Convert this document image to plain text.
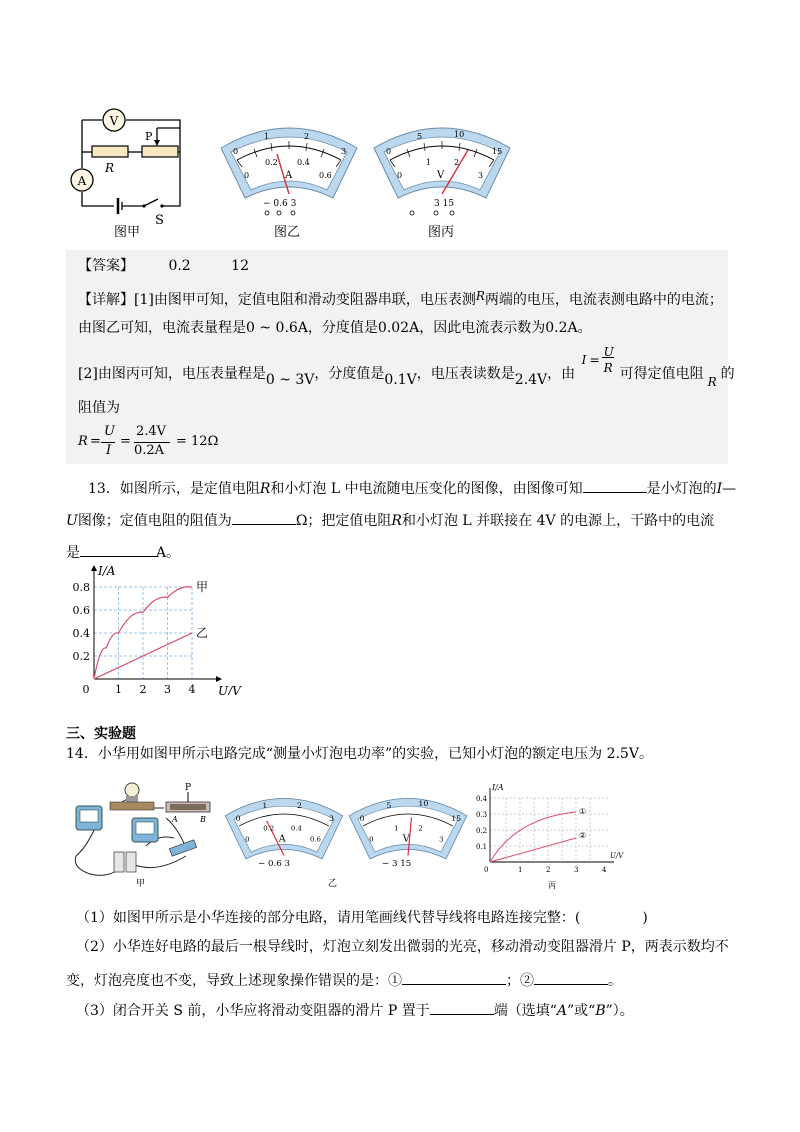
V
A
P
R
S
图甲
0
1	2
3
0
0.2 0.4
0.6
A
− 0.6 3
图乙
0
5	10
15
0
1	2
3
V
3 15
图丙
【答案】 0.2	12
【详解】[1]由图甲可知，定值电阻和滑动变阻器串联，电压表测R两端的电压，电流表测电路中的电流；
由图乙可知，电流表量程是0 ~ 0.6A，分度值是0.02A，因此电流表示数为0.2A。
[2]由图丙可知，电压表量程是0 ~ 3V，分度值是0.1V，电压表读数是2.4V，由
I =
U
R 可得定值电阻 R 的
阻值为
R =
U
I
=
2.4V
0.2A
= 12Ω
13．如图所示，是定值电阻R和小灯泡 L 中电流随电压变化的图像，由图像可知	是小灯泡的I—
U图像；定值电阻的阻值为	Ω；把定值电阻R和小灯泡 L 并联接在 4V 的电源上，干路中的电流
是	A。
甲
乙
0.2
0.4
0.6
0.8
0 1 2 3 4
I/A
U/V
三、实验题
14．小华用如图甲所示电路完成“测量小灯泡电功率”的实验，已知小灯泡的额定电压为 2.5V。
P
A	B
甲
0
1	2
3
0
0.2 0.4
0.6
A
− 0.6 3
乙
0
5	10
15
0
1 2
3
V
− 3 15
I/A
U/V
0.4
0.3
0.2
0.1
0	1	2	3	4
①
②
丙
（1）如图甲所示是小华连接的部分电路，请用笔画线代替导线将电路连接完整：(	)
（2）小华连好电路的最后一根导线时，灯泡立刻发出微弱的光亮，移动滑动变阻器滑片 P，两表示数均不
变，灯泡亮度也不变，导致上述现象操作错误的是：①	；②	。
（3）闭合开关 S 前，小华应将滑动变阻器的滑片 P 置于	端（选填“A”或“B”）。
